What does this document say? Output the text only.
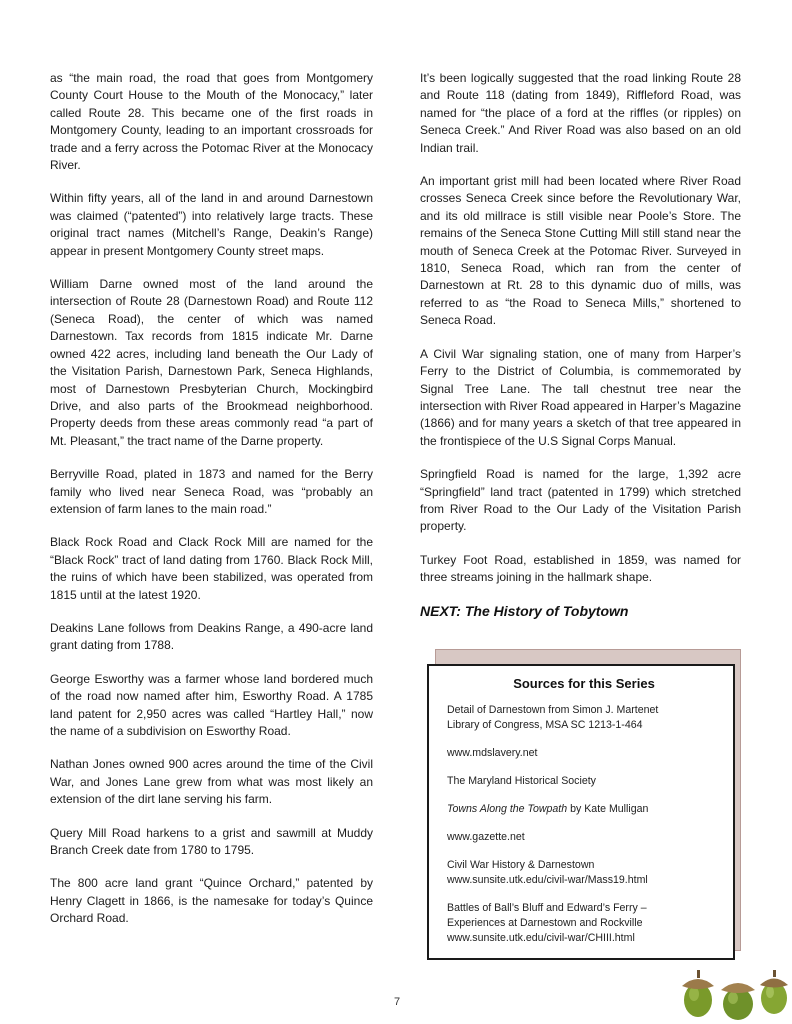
as “the main road, the road that goes from Montgomery County Court House to the Mouth of the Monocacy,” later called Route 28. This became one of the first roads in Montgomery County, leading to an important crossroads for trade and a ferry across the Potomac River at the Monocacy River.

Within fifty years, all of the land in and around Darnestown was claimed (“patented”) into relatively large tracts. These original tract names (Mitchell’s Range, Deakin’s Range) appear in present Montgomery County street maps.

William Darne owned most of the land around the intersection of Route 28 (Darnestown Road) and Route 112 (Seneca Road), the center of which was named Darnestown. Tax records from 1815 indicate Mr. Darne owned 422 acres, including land beneath the Our Lady of the Visitation Parish, Darnestown Park, Seneca Highlands, most of Darnestown Presbyterian Church, Mockingbird Drive, and also parts of the Brookmead neighborhood. Property deeds from these areas commonly read “a part of Mt. Pleasant,” the tract name of the Darne property.

Berryville Road, plated in 1873 and named for the Berry family who lived near Seneca Road, was “probably an extension of farm lanes to the main road.”

Black Rock Road and Clack Rock Mill are named for the “Black Rock” tract of land dating from 1760. Black Rock Mill, the ruins of which have been stabilized, was operated from 1815 until at the latest 1920.

Deakins Lane follows from Deakins Range, a 490-acre land grant dating from 1788.

George Esworthy was a farmer whose land bordered much of the road now named after him, Esworthy Road. A 1785 land patent for 2,950 acres was called “Hartley Hall,” now the name of a subdivision on Esworthy Road.

Nathan Jones owned 900 acres around the time of the Civil War, and Jones Lane grew from what was most likely an extension of the dirt lane serving his farm.

Query Mill Road harkens to a grist and sawmill at Muddy Branch Creek date from 1780 to 1795.

The 800 acre land grant “Quince Orchard,” patented by Henry Clagett in 1866, is the namesake for today’s Quince Orchard Road.

It’s been logically suggested that the road linking Route 28 and Route 118 (dating from 1849), Riffleford Road, was named for “the place of a ford at the riffles (or ripples) on Seneca Creek.” And River Road was also based on an old Indian trail.

An important grist mill had been located where River Road crosses Seneca Creek since before the Revolutionary War, and its old millrace is still visible near Poole’s Store. The remains of the Seneca Stone Cutting Mill still stand near the mouth of Seneca Creek at the Potomac River. Surveyed in 1810, Seneca Road, which ran from the center of Darnestown at Rt. 28 to this dynamic duo of mills, was referred to as “the Road to Seneca Mills,” shortened to Seneca Road.

A Civil War signaling station, one of many from Harper’s Ferry to the District of Columbia, is commemorated by Signal Tree Lane. The tall chestnut tree near the intersection with River Road appeared in Harper’s Magazine (1866) and for many years a sketch of that tree appeared in the frontispiece of the U.S Signal Corps Manual.

Springfield Road is named for the large, 1,392 acre “Springfield” land tract (patented in 1799) which stretched from River Road to the Our Lady of the Visitation Parish property.

Turkey Foot Road, established in 1859, was named for three streams joining in the hallmark shape.

NEXT: The History of Tobytown
Sources for this Series
Detail of Darnestown from Simon J. Martenet
Library of Congress, MSA SC 1213-1-464
www.mdslavery.net
The Maryland Historical Society
Towns Along the Towpath by Kate Mulligan
www.gazette.net
Civil War History & Darnestown
www.sunsite.utk.edu/civil-war/Mass19.html
Battles of Ball’s Bluff and Edward’s Ferry –
Experiences at Darnestown and Rockville
www.sunsite.utk.edu/civil-war/CHIII.html
7
